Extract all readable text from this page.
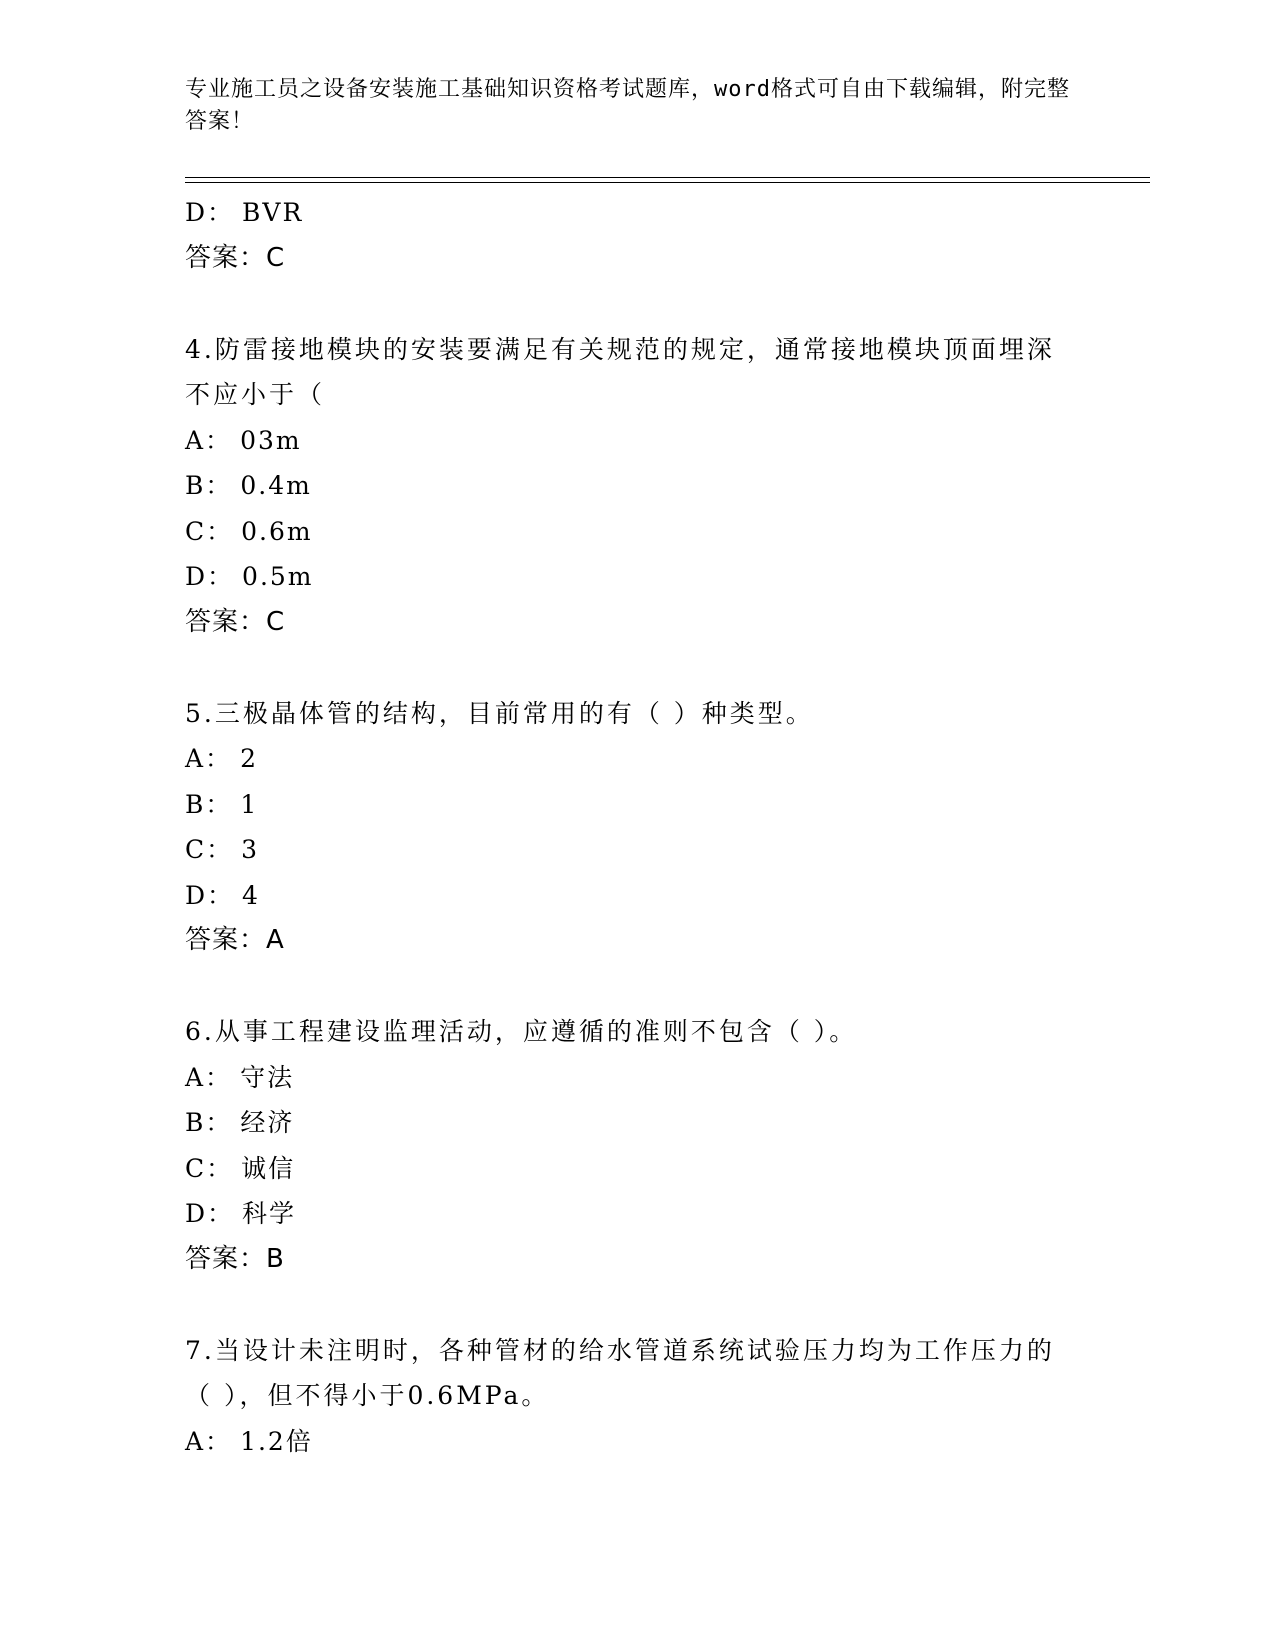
专业施工员之设备安装施工基础知识资格考试题库，word格式可自由下载编辑，附完整答案！
D： BVR
答案：C
4.防雷接地模块的安装要满足有关规范的规定，通常接地模块顶面埋深不应小于（
A： 03m
B： 0.4m
C： 0.6m
D： 0.5m
答案：C
5.三极晶体管的结构，目前常用的有（ ）种类型。
A： 2
B： 1
C： 3
D： 4
答案：A
6.从事工程建设监理活动，应遵循的准则不包含（ ）。
A： 守法
B： 经济
C： 诚信
D： 科学
答案：B
7.当设计未注明时，各种管材的给水管道系统试验压力均为工作压力的（ ），但不得小于0.6MPa。
A： 1.2倍
